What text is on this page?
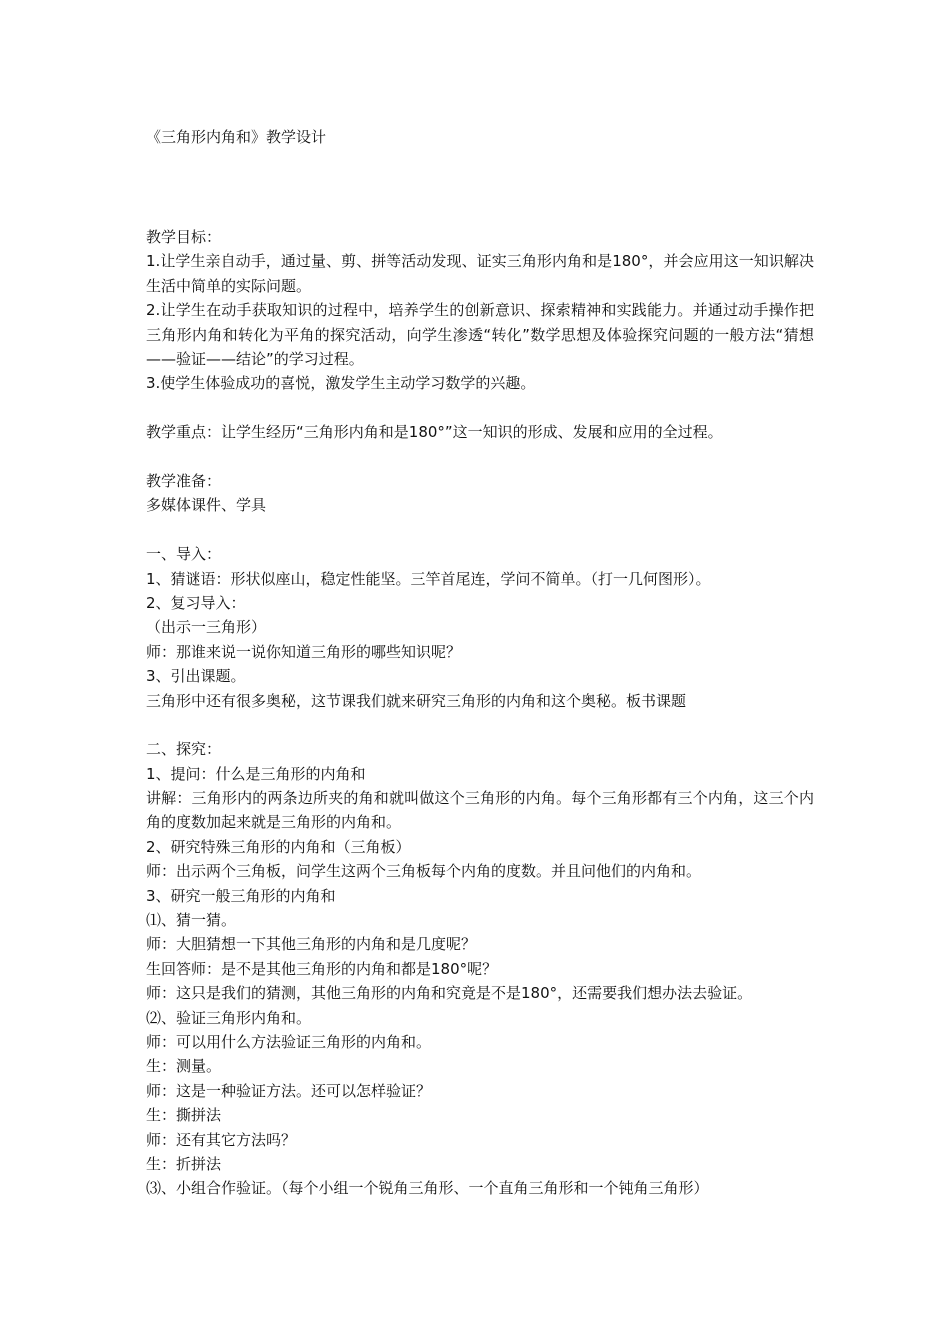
《三角形内角和》教学设计
教学目标：
1.让学生亲自动手，通过量、剪、拼等活动发现、证实三角形内角和是180°，并会应用这一知识解决生活中简单的实际问题。
2.让学生在动手获取知识的过程中，培养学生的创新意识、探索精神和实践能力。并通过动手操作把三角形内角和转化为平角的探究活动，向学生渗透“转化”数学思想及体验探究问题的一般方法“猜想——验证——结论”的学习过程。
3.使学生体验成功的喜悦，激发学生主动学习数学的兴趣。
教学重点：让学生经历“三角形内角和是180°”这一知识的形成、发展和应用的全过程。
教学准备：
多媒体课件、学具
一、导入：
1、猜谜语：形状似座山，稳定性能坚。三竿首尾连，学问不简单。（打一几何图形）。
2、复习导入：
（出示一三角形）
师：那谁来说一说你知道三角形的哪些知识呢？
3、引出课题。
三角形中还有很多奥秘，这节课我们就来研究三角形的内角和这个奥秘。板书课题
二、探究：
1、提问：什么是三角形的内角和
讲解：三角形内的两条边所夹的角和就叫做这个三角形的内角。每个三角形都有三个内角，这三个内角的度数加起来就是三角形的内角和。
2、研究特殊三角形的内角和（三角板）
师：出示两个三角板，问学生这两个三角板每个内角的度数。并且问他们的内角和。
3、研究一般三角形的内角和
⑴、猜一猜。
师：大胆猜想一下其他三角形的内角和是几度呢？
生回答师：是不是其他三角形的内角和都是180°呢？
师：这只是我们的猜测，其他三角形的内角和究竟是不是180°，还需要我们想办法去验证。
⑵、验证三角形内角和。
师：可以用什么方法验证三角形的内角和。
生：测量。
师：这是一种验证方法。还可以怎样验证？
生：撕拼法
师：还有其它方法吗？
生：折拼法
⑶、小组合作验证。（每个小组一个锐角三角形、一个直角三角形和一个钝角三角形）
